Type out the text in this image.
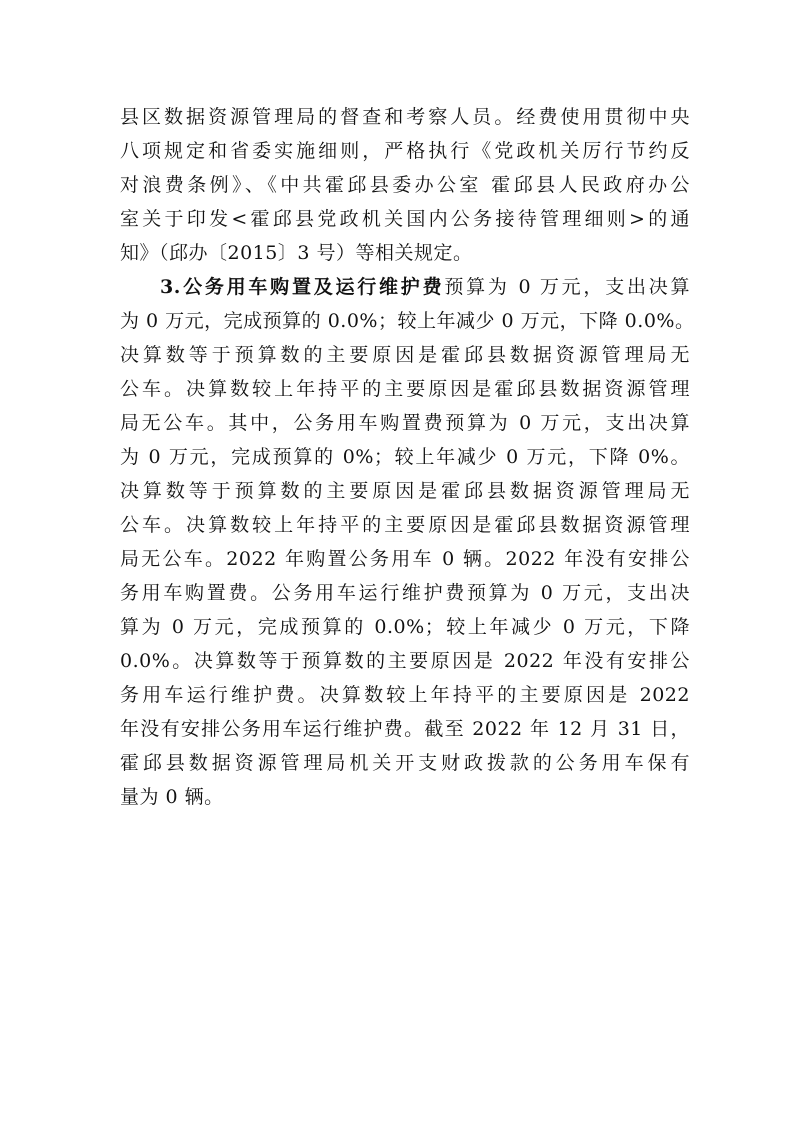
县区数据资源管理局的督查和考察人员。经费使用贯彻中央
八项规定和省委实施细则，严格执行《党政机关厉行节约反
对浪费条例》、《中共霍邱县委办公室 霍邱县人民政府办公
室关于印发<霍邱县党政机关国内公务接待管理细则>的通
知》（邱办〔2015〕3 号）等相关规定。
3.公务用车购置及运行维护费预算为 0 万元，支出决算
为 0 万元，完成预算的 0.0%；较上年减少 0 万元，下降 0.0%。
决算数等于预算数的主要原因是霍邱县数据资源管理局无
公车。决算数较上年持平的主要原因是霍邱县数据资源管理
局无公车。其中，公务用车购置费预算为 0 万元，支出决算
为 0 万元，完成预算的 0%；较上年减少 0 万元，下降 0%。
决算数等于预算数的主要原因是霍邱县数据资源管理局无
公车。决算数较上年持平的主要原因是霍邱县数据资源管理
局无公车。2022 年购置公务用车 0 辆。2022 年没有安排公
务用车购置费。公务用车运行维护费预算为 0 万元，支出决
算为 0 万元，完成预算的 0.0%；较上年减少 0 万元，下降
0.0%。决算数等于预算数的主要原因是 2022 年没有安排公
务用车运行维护费。决算数较上年持平的主要原因是 2022
年没有安排公务用车运行维护费。截至 2022 年 12 月 31 日，
霍邱县数据资源管理局机关开支财政拨款的公务用车保有
量为 0 辆。
